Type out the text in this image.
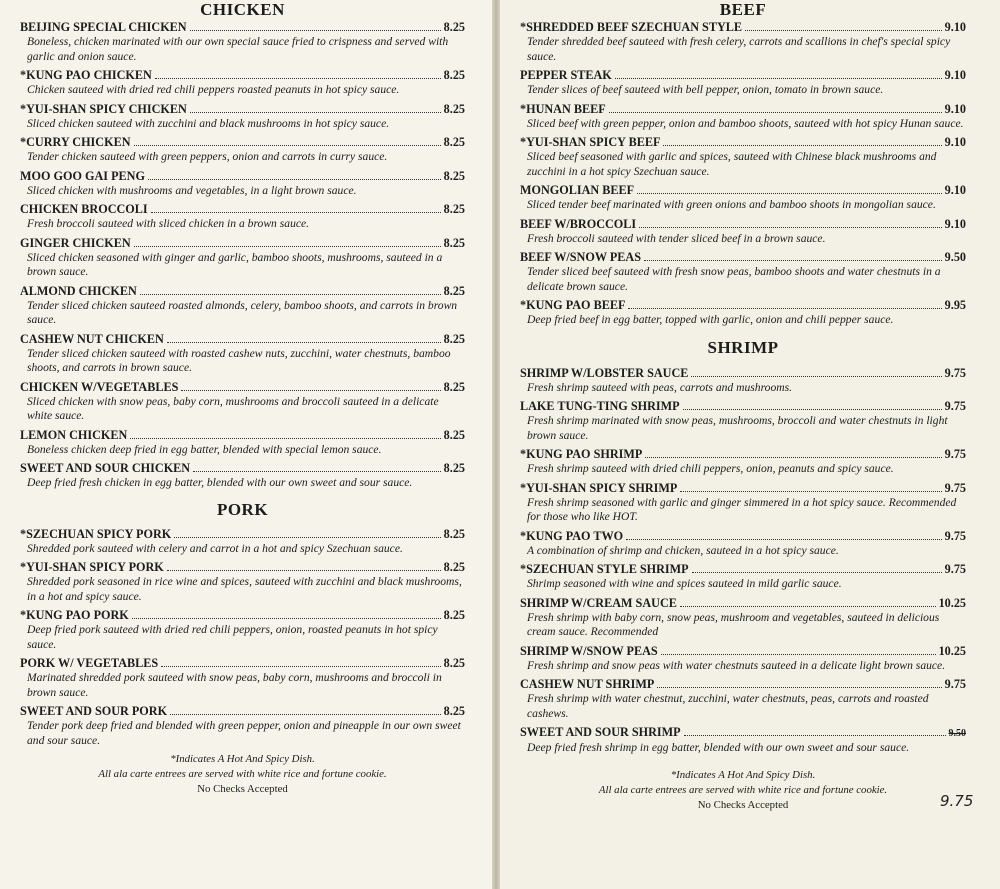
CHICKEN
BEIJING SPECIAL CHICKEN	8.25
Boneless, chicken marinated with our own special sauce fried to crispness and served with garlic and onion sauce.
*KUNG PAO CHICKEN	8.25
Chicken sauteed with dried red chili peppers roasted peanuts in hot spicy sauce.
*YUI-SHAN SPICY CHICKEN	8.25
Sliced chicken sauteed with zucchini and black mushrooms in hot spicy sauce.
*CURRY CHICKEN	8.25
Tender chicken sauteed with green peppers, onion and carrots in curry sauce.
MOO GOO GAI PENG	8.25
Sliced chicken with mushrooms and vegetables, in a light brown sauce.
CHICKEN BROCCOLI	8.25
Fresh broccoli sauteed with sliced chicken in a brown sauce.
GINGER CHICKEN	8.25
Sliced chicken seasoned with ginger and garlic, bamboo shoots, mushrooms, sauteed in a brown sauce.
ALMOND CHICKEN	8.25
Tender sliced chicken sauteed roasted almonds, celery, bamboo shoots, and carrots in brown sauce.
CASHEW NUT CHICKEN	8.25
Tender sliced chicken sauteed with roasted cashew nuts, zucchini, water chestnuts, bamboo shoots, and carrots in brown sauce.
CHICKEN W/VEGETABLES	8.25
Sliced chicken with snow peas, baby corn, mushrooms and broccoli sauteed in a delicate white sauce.
LEMON CHICKEN	8.25
Boneless chicken deep fried in egg batter, blended with special lemon sauce.
SWEET AND SOUR CHICKEN	8.25
Deep fried fresh chicken in egg batter, blended with our own sweet and sour sauce.
PORK
*SZECHUAN SPICY PORK	8.25
Shredded pork sauteed with celery and carrot in a hot and spicy Szechuan sauce.
*YUI-SHAN SPICY PORK	8.25
Shredded pork seasoned in rice wine and spices, sauteed with zucchini and black mushrooms, in a hot and spicy sauce.
*KUNG PAO PORK	8.25
Deep fried pork sauteed with dried red chili peppers, onion, roasted peanuts in hot spicy sauce.
PORK W/ VEGETABLES	8.25
Marinated shredded pork sauteed with snow peas, baby corn, mushrooms and broccoli in brown sauce.
SWEET AND SOUR PORK	8.25
Tender pork deep fried and blended with green pepper, onion and pineapple in our own sweet and sour sauce.
*Indicates A Hot And Spicy Dish.
All ala carte entrees are served with white rice and fortune cookie.
No Checks Accepted
BEEF
*SHREDDED BEEF SZECHUAN STYLE	9.10
Tender shredded beef sauteed with fresh celery, carrots and scallions in chef's special spicy sauce.
PEPPER STEAK	9.10
Tender slices of beef sauteed with bell pepper, onion, tomato in brown sauce.
*HUNAN BEEF	9.10
Sliced beef with green pepper, onion and bamboo shoots, sauteed with hot spicy Hunan sauce.
*YUI-SHAN SPICY BEEF	9.10
Sliced beef seasoned with garlic and spices, sauteed with Chinese black mushrooms and zucchini in a hot spicy Szechuan sauce.
MONGOLIAN BEEF	9.10
Sliced tender beef marinated with green onions and bamboo shoots in mongolian sauce.
BEEF W/BROCCOLI	9.10
Fresh broccoli sauteed with tender sliced beef in a brown sauce.
BEEF W/SNOW PEAS	9.50
Tender sliced beef sauteed with fresh snow peas, bamboo shoots and water chestnuts in a delicate brown sauce.
*KUNG PAO BEEF	9.95
Deep fried beef in egg batter, topped with garlic, onion and chili pepper sauce.
SHRIMP
SHRIMP W/LOBSTER SAUCE	9.75
Fresh shrimp sauteed with peas, carrots and mushrooms.
LAKE TUNG-TING SHRIMP	9.75
Fresh shrimp marinated with snow peas, mushrooms, broccoli and water chestnuts in light brown sauce.
*KUNG PAO SHRIMP	9.75
Fresh shrimp sauteed with dried chili peppers, onion, peanuts and spicy sauce.
*YUI-SHAN SPICY SHRIMP	9.75
Fresh shrimp seasoned with garlic and ginger simmered in a hot spicy sauce. Recommended for those who like HOT.
*KUNG PAO TWO	9.75
A combination of shrimp and chicken, sauteed in a hot spicy sauce.
*SZECHUAN STYLE SHRIMP	9.75
Shrimp seasoned with wine and spices sauteed in mild garlic sauce.
SHRIMP W/CREAM SAUCE	10.25
Fresh shrimp with baby corn, snow peas, mushroom and vegetables, sauteed in delicious cream sauce. Recommended
SHRIMP W/SNOW PEAS	10.25
Fresh shrimp and snow peas with water chestnuts sauteed in a delicate light brown sauce.
CASHEW NUT SHRIMP	9.75
Fresh shrimp with water chestnut, zucchini, water chestnuts, peas, carrots and roasted cashews.
SWEET AND SOUR SHRIMP	9.50
Deep fried fresh shrimp in egg batter, blended with our own sweet and sour sauce.
*Indicates A Hot And Spicy Dish.
All ala carte entrees are served with white rice and fortune cookie.
No Checks Accepted	9.75
